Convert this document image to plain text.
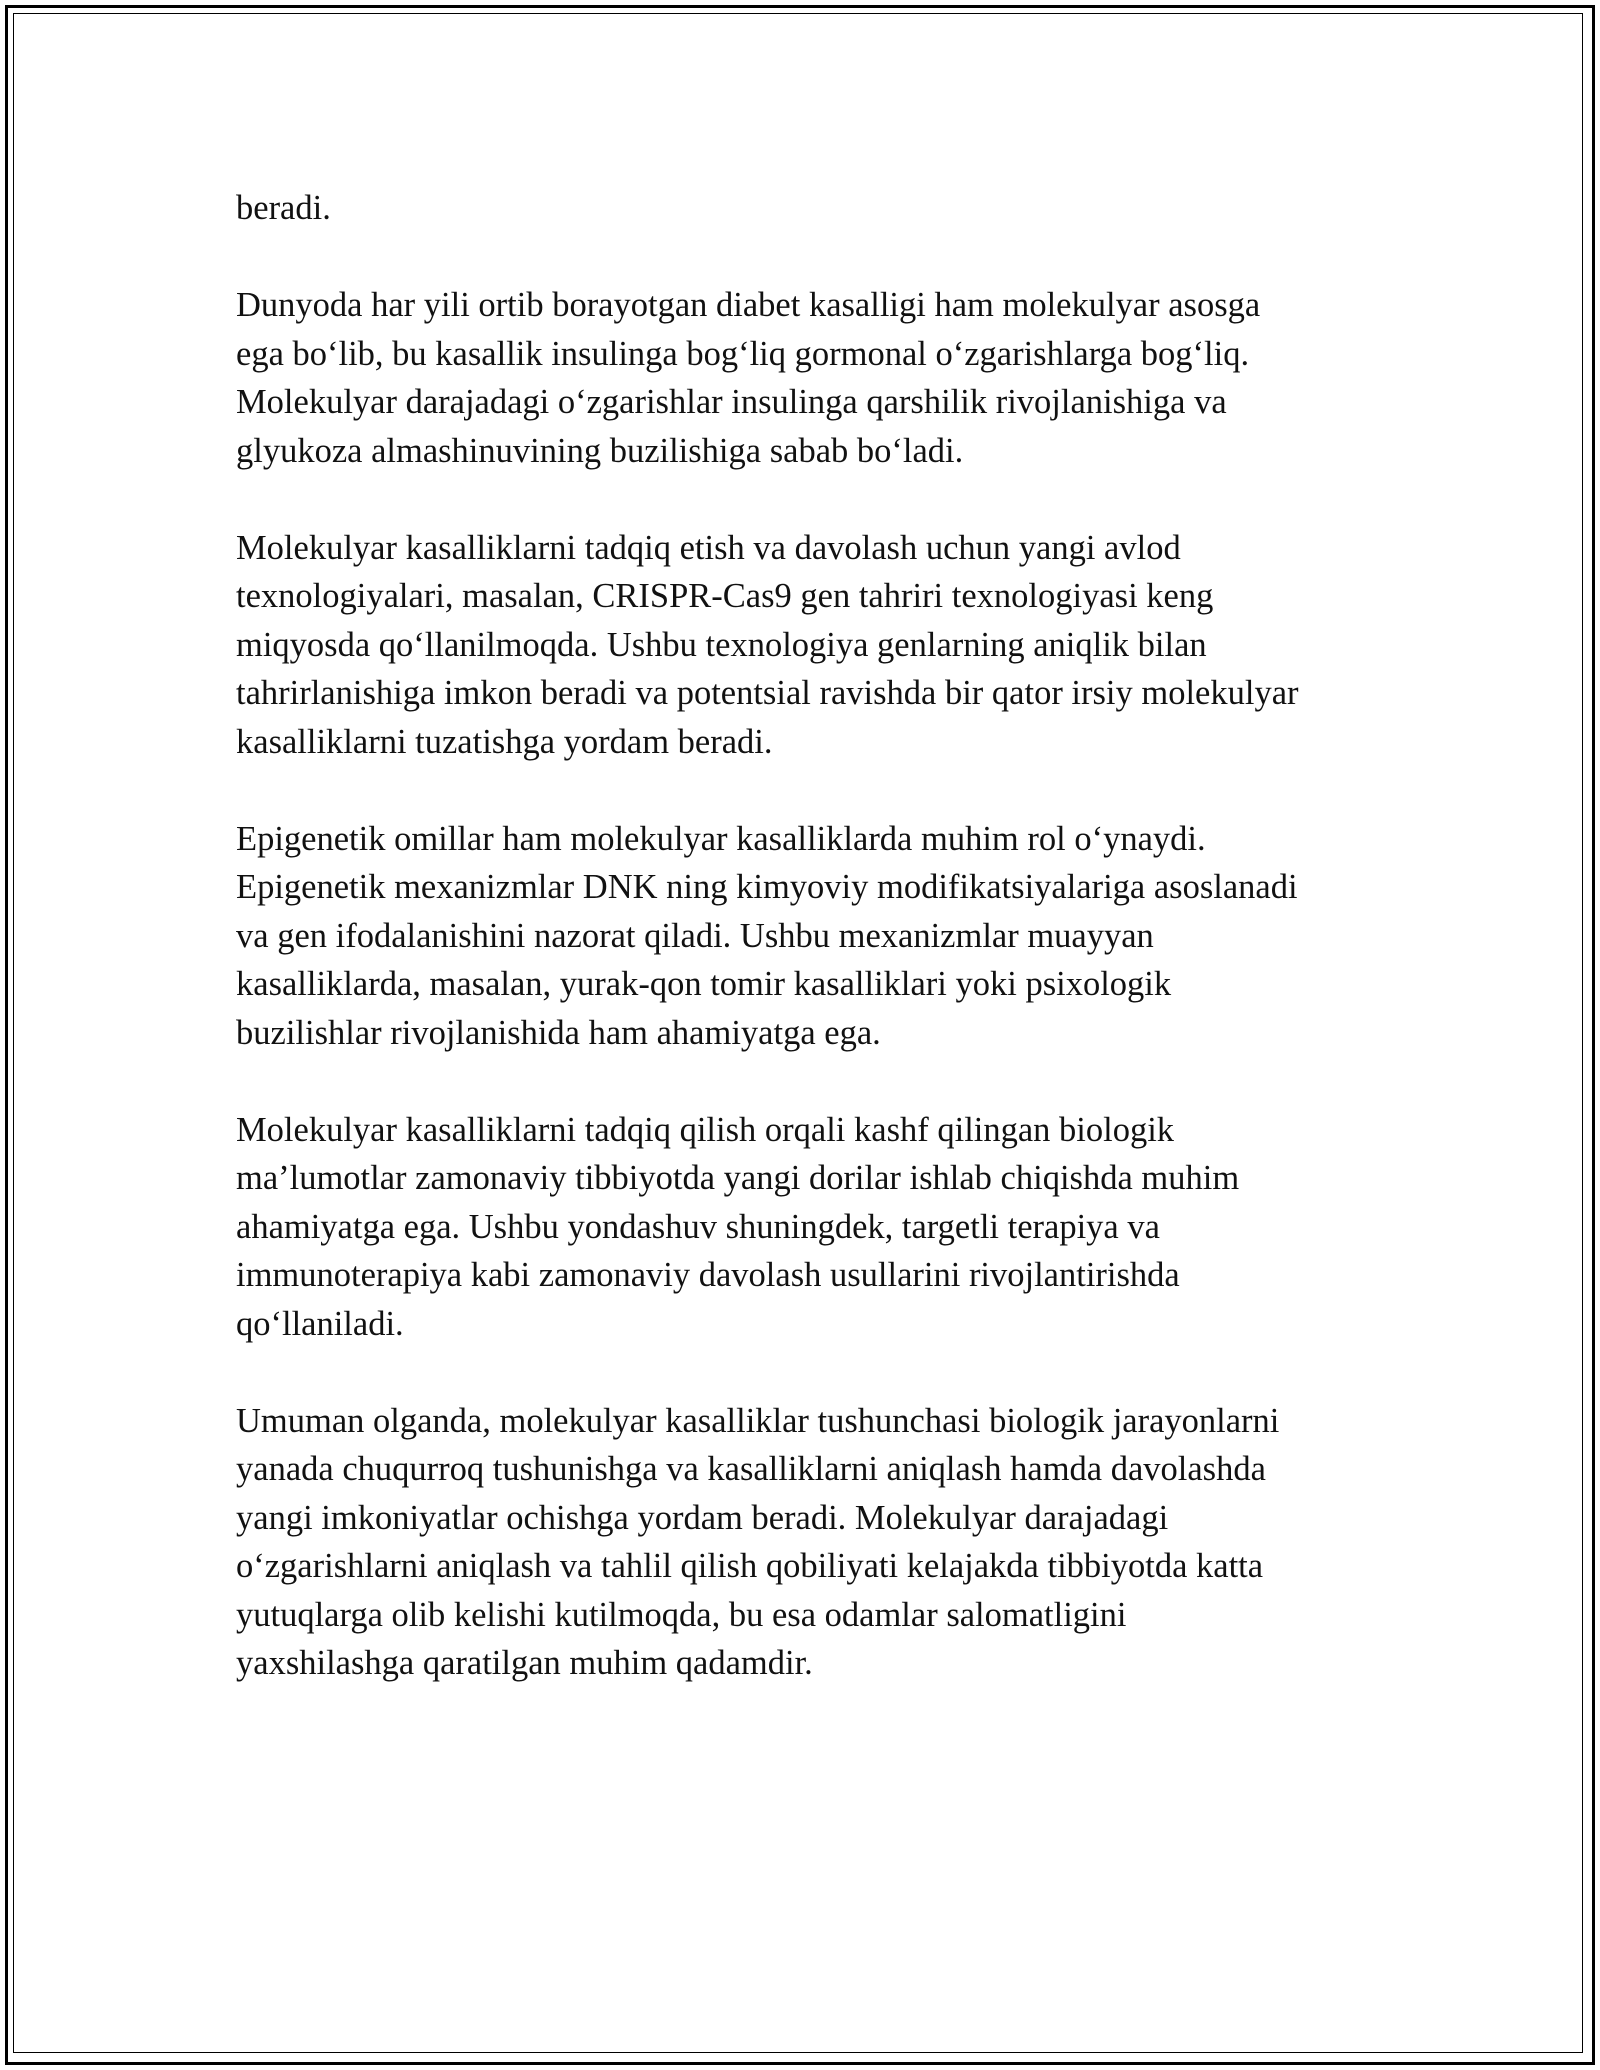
beradi.

Dunyoda har yili ortib borayotgan diabet kasalligi ham molekulyar asosga
ega bo‘lib, bu kasallik insulinga bog‘liq gormonal o‘zgarishlarga bog‘liq.
Molekulyar darajadagi o‘zgarishlar insulinga qarshilik rivojlanishiga va
glyukoza almashinuvining buzilishiga sabab bo‘ladi.

Molekulyar kasalliklarni tadqiq etish va davolash uchun yangi avlod
texnologiyalari, masalan, CRISPR-Cas9 gen tahriri texnologiyasi keng
miqyosda qo‘llanilmoqda. Ushbu texnologiya genlarning aniqlik bilan
tahrirlanishiga imkon beradi va potentsial ravishda bir qator irsiy molekulyar
kasalliklarni tuzatishga yordam beradi.

Epigenetik omillar ham molekulyar kasalliklarda muhim rol o‘ynaydi.
Epigenetik mexanizmlar DNK ning kimyoviy modifikatsiyalariga asoslanadi
va gen ifodalanishini nazorat qiladi. Ushbu mexanizmlar muayyan
kasalliklarda, masalan, yurak-qon tomir kasalliklari yoki psixologik
buzilishlar rivojlanishida ham ahamiyatga ega.

Molekulyar kasalliklarni tadqiq qilish orqali kashf qilingan biologik
ma’lumotlar zamonaviy tibbiyotda yangi dorilar ishlab chiqishda muhim
ahamiyatga ega. Ushbu yondashuv shuningdek, targetli terapiya va
immunoterapiya kabi zamonaviy davolash usullarini rivojlantirishda
qo‘llaniladi.

Umuman olganda, molekulyar kasalliklar tushunchasi biologik jarayonlarni
yanada chuqurroq tushunishga va kasalliklarni aniqlash hamda davolashda
yangi imkoniyatlar ochishga yordam beradi. Molekulyar darajadagi
o‘zgarishlarni aniqlash va tahlil qilish qobiliyati kelajakda tibbiyotda katta
yutuqlarga olib kelishi kutilmoqda, bu esa odamlar salomatligini
yaxshilashga qaratilgan muhim qadamdir.
